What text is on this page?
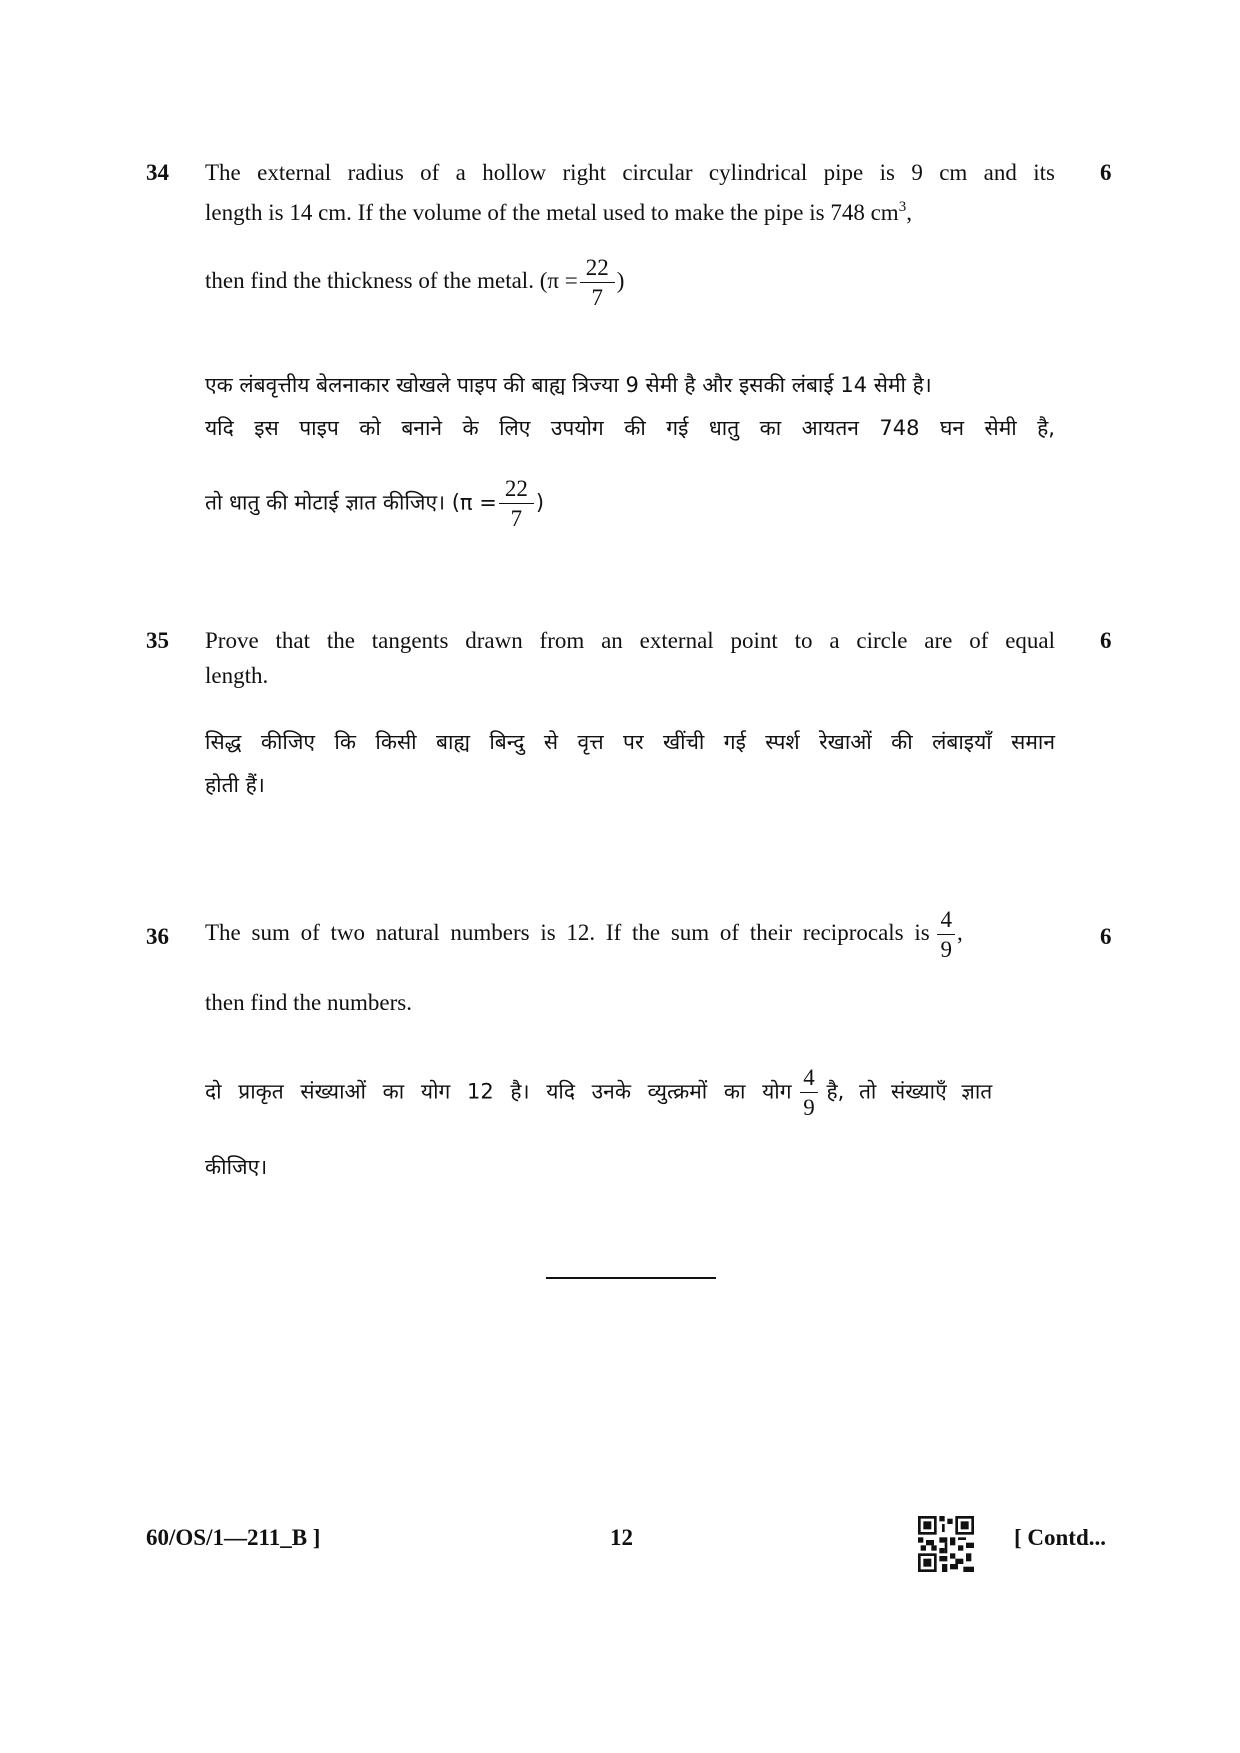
34	6
The external radius of a hollow right circular cylindrical pipe is 9 cm and its
length is 14 cm. If the volume of the metal used to make the pipe is 748 $cm^3$,
then find the thickness of the metal. ($\pi = \frac{22}{7}$ )
एक लंबवृत्तीय बेलनाकार खोखले पाइप की बाह्य त्रिज्या 9 सेमी है और इसकी लंबाई 14 सेमी है।
यदि इस पाइप को बनाने के लिए उपयोग की गई धातु का आयतन 748 घन सेमी है,
तो धातु की मोटाई ज्ञात कीजिए। ($\pi = \frac{22}{7}$ )
35	6
Prove that the tangents drawn from an external point to a circle are of equal
length.
सिद्ध कीजिए कि किसी बाह्य बिन्दु से वृत्त पर खींची गई स्पर्श रेखाओं की लंबाइयाँ समान
होती हैं।
36	6
The sum of two natural numbers is 12. If the sum of their reciprocals is $\frac{4}{9}$ ,
then find the numbers.
दो प्राकृत संख्याओं का योग 12 है। यदि उनके व्युत्क्रमों का योग $\frac{4}{9}$ है, तो संख्याएँ ज्ञात
कीजिए।
60/OS/1—211_B ]	12	[ Contd...
